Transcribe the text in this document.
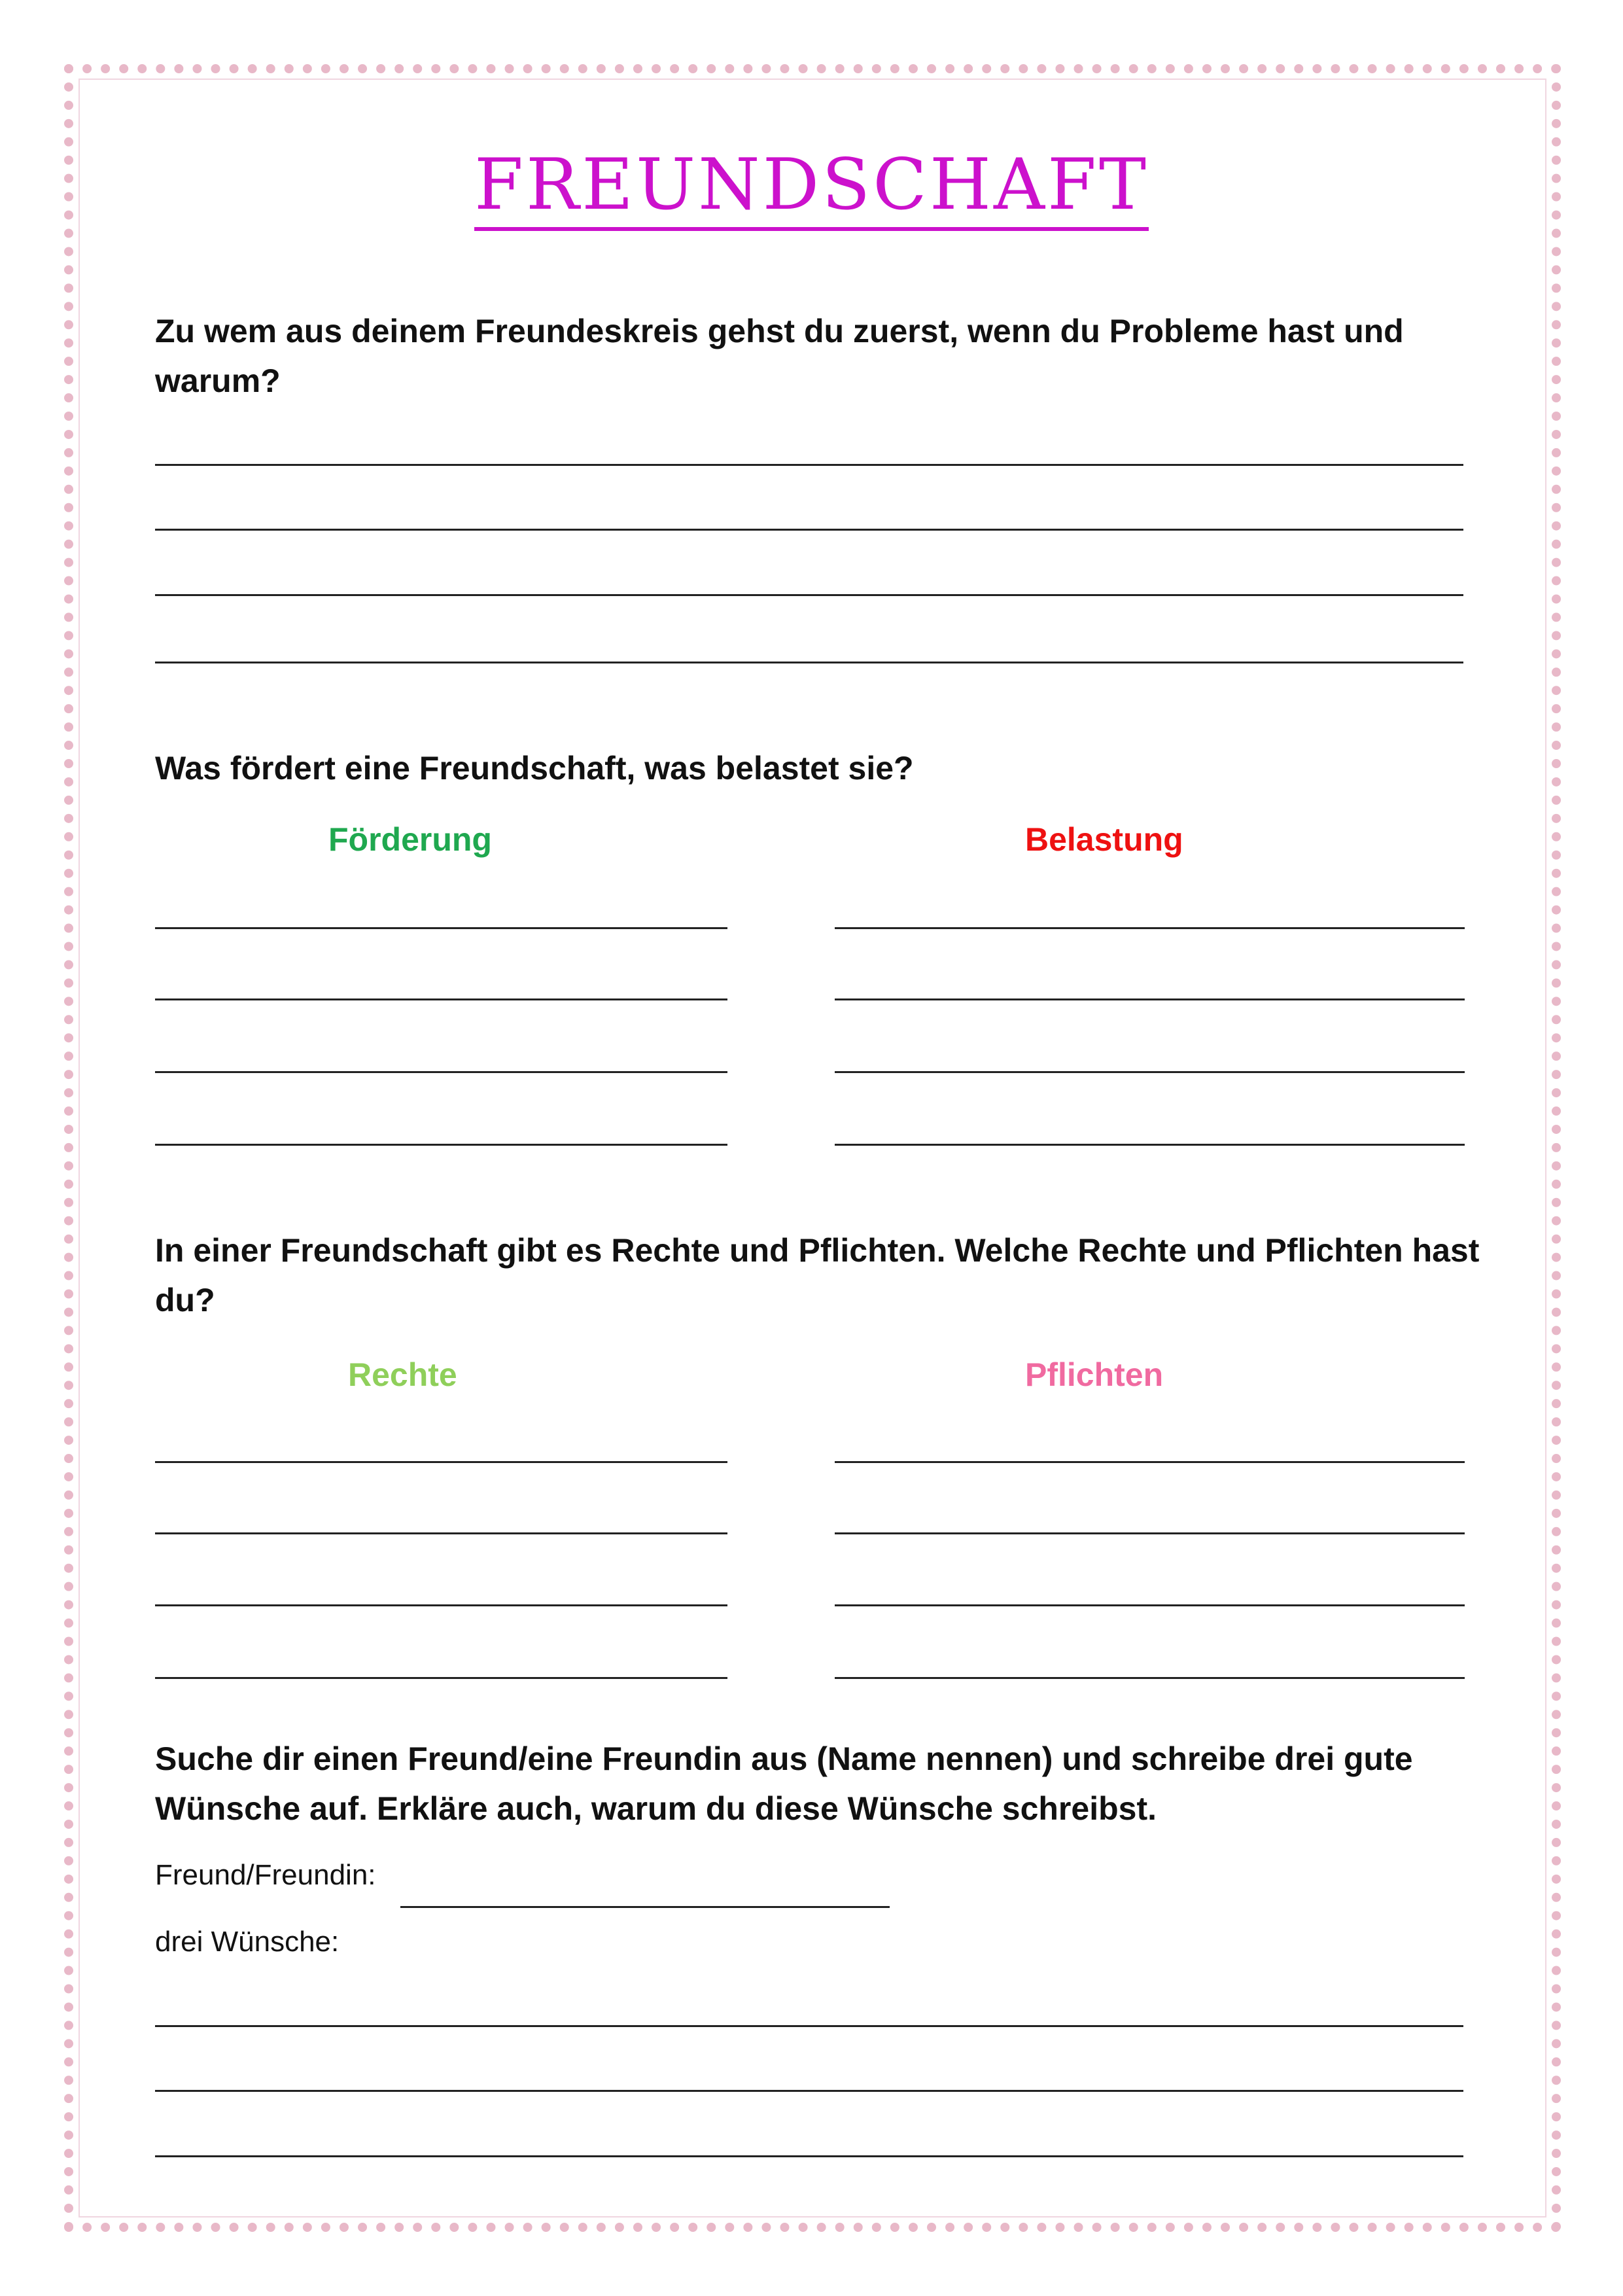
FREUNDSCHAFT
Zu wem aus deinem Freundeskreis gehst du zuerst, wenn du Probleme hast und warum?
Was fördert eine Freundschaft, was belastet sie?
Förderung	Belastung
In einer Freundschaft gibt es Rechte und Pflichten. Welche Rechte und Pflichten hast du?
Rechte	Pflichten
Suche dir einen Freund/eine Freundin aus (Name nennen) und schreibe drei gute Wünsche auf. Erkläre auch, warum du diese Wünsche schreibst.
Freund/Freundin:
drei Wünsche:
